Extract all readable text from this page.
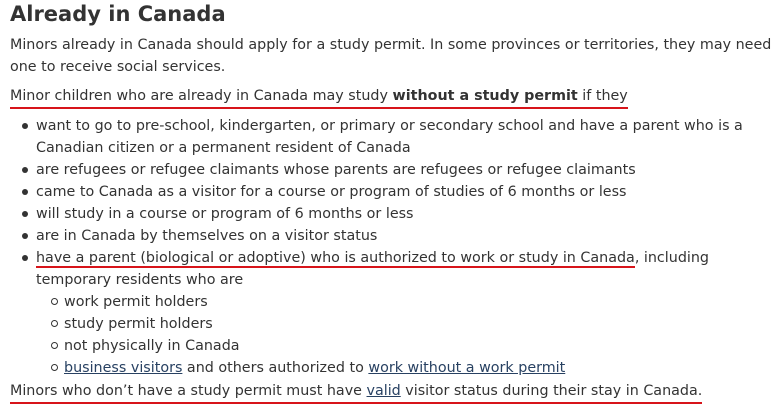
Already in Canada

Minors already in Canada should apply for a study permit. In some provinces or territories, they may need one to receive social services.

Minor children who are already in Canada may study without a study permit if they

want to go to pre-school, kindergarten, or primary or secondary school and have a parent who is a Canadian citizen or a permanent resident of Canada
are refugees or refugee claimants whose parents are refugees or refugee claimants
came to Canada as a visitor for a course or program of studies of 6 months or less
will study in a course or program of 6 months or less
are in Canada by themselves on a visitor status
have a parent (biological or adoptive) who is authorized to work or study in Canada, including temporary residents who are
work permit holders
study permit holders
not physically in Canada
business visitors and others authorized to work without a work permit

Minors who don’t have a study permit must have valid visitor status during their stay in Canada.
